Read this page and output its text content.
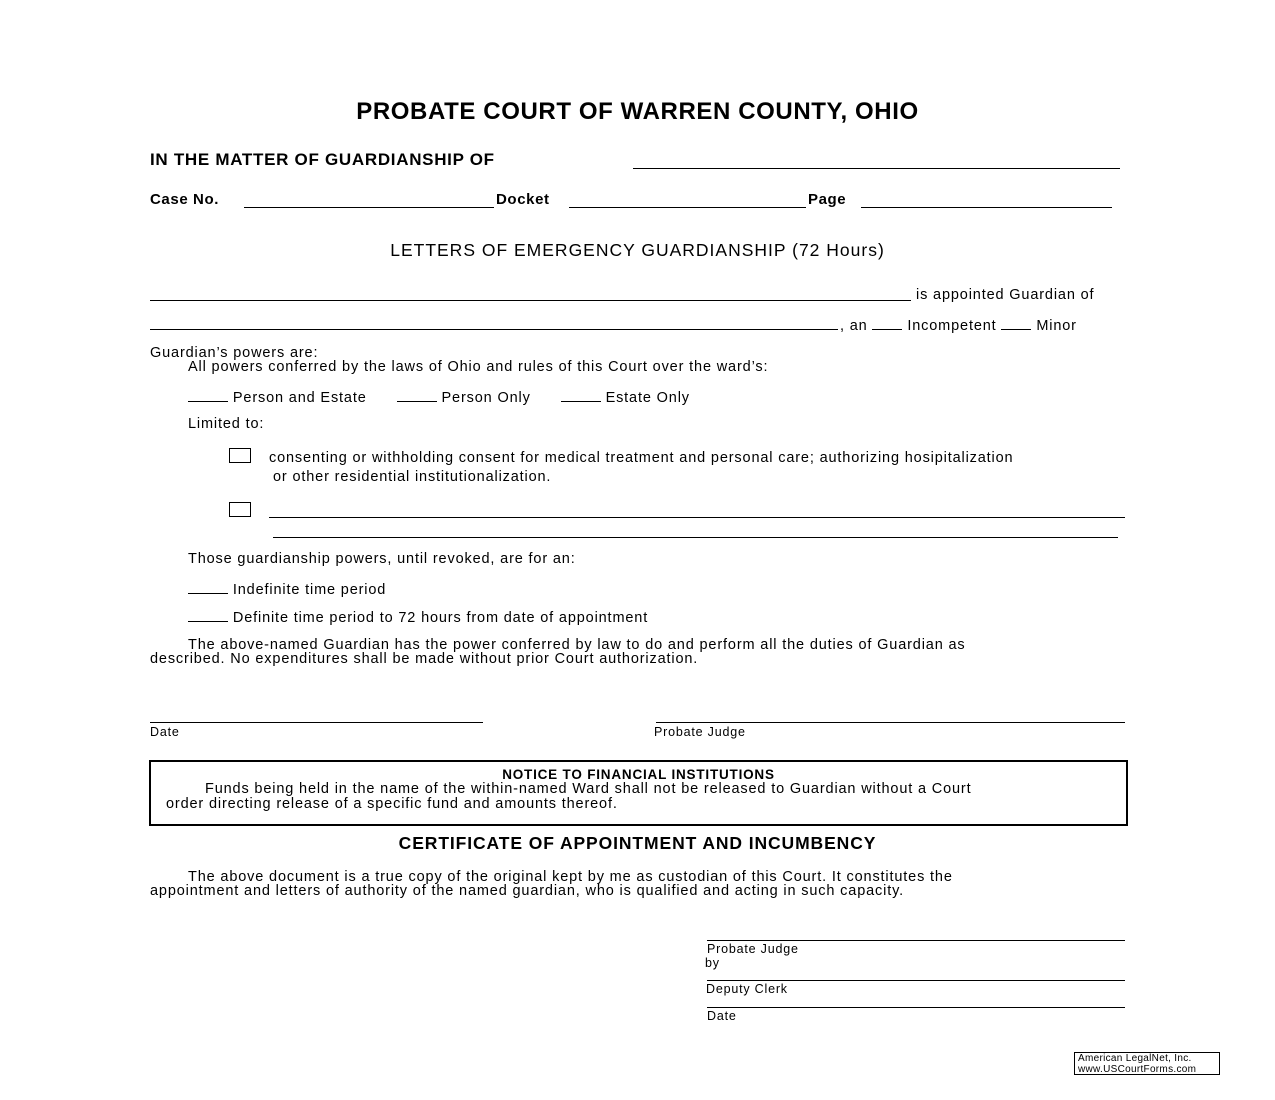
PROBATE COURT OF WARREN COUNTY, OHIO
IN THE MATTER OF GUARDIANSHIP OF
Case No.	Docket	Page
LETTERS OF EMERGENCY GUARDIANSHIP (72 Hours)
is appointed Guardian of
, an	Incompetent	Minor
Guardian’s powers are:
All powers conferred by the laws of Ohio and rules of this Court over the ward’s:
Person and Estate	Person Only	Estate Only
Limited to:
consenting or withholding consent for medical treatment and personal care; authorizing hosipitalization
or other residential institutionalization.
Those guardianship powers, until revoked, are for an:
Indefinite time period
Definite time period to 72 hours from date of appointment
The above-named Guardian has the power conferred by law to do and perform all the duties of Guardian as
described. No expenditures shall be made without prior Court authorization.
Date	Probate Judge
NOTICE TO FINANCIAL INSTITUTIONS
Funds being held in the name of the within-named Ward shall not be released to Guardian without a Court
order directing release of a specific fund and amounts thereof.
CERTIFICATE OF APPOINTMENT AND INCUMBENCY
The above document is a true copy of the original kept by me as custodian of this Court. It constitutes the
appointment and letters of authority of the named guardian, who is qualified and acting in such capacity.
Probate Judge
by
Deputy Clerk
Date
American LegalNet, Inc.
www.USCourtForms.com
